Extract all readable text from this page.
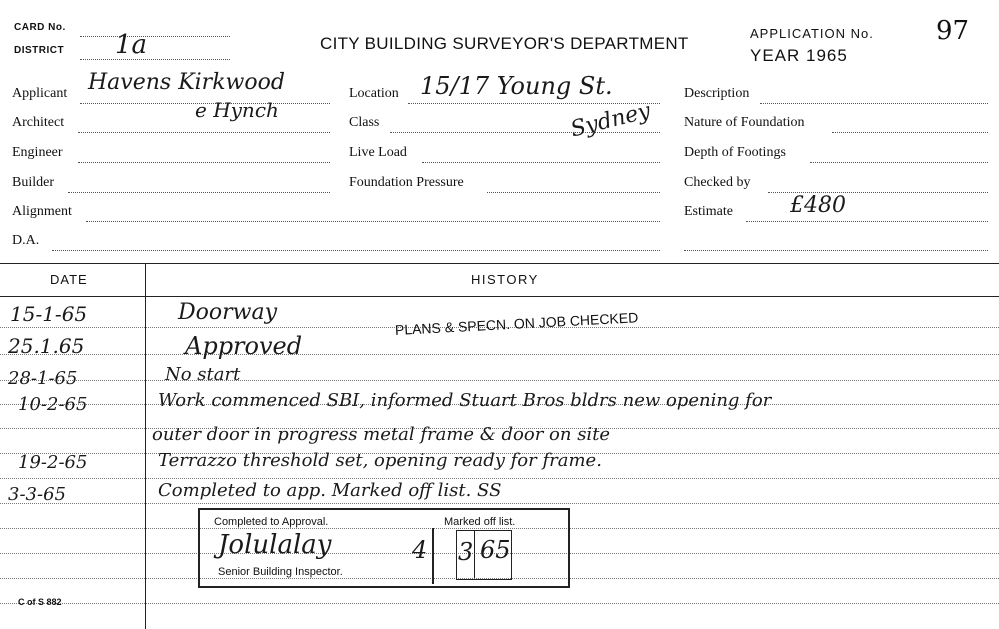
CARD No.
DISTRICT 1a	CITY BUILDING SURVEYOR'S DEPARTMENT
APPLICATION No. 97
YEAR 1965
Applicant Havens Kirkwood
e Hynch
Architect
Engineer
Builder
Alignment
D.A.
Location 15/17 Young St.
Sydney
Class
Live Load
Foundation Pressure
Description
Nature of Foundation
Depth of Footings
Checked by
Estimate	£480
DATE	HISTORY
15-1-65	Doorway
25.1.65	Approved
PLANS & SPECN. ON JOB CHECKED
28-1-65	No start
10-2-65	Work commenced SBI, informed Stuart Bros bldrs new opening for
outer door in progress metal frame & door on site
19-2-65	Terrazzo threshold set, opening ready for frame.
3-3-65	Completed to app. Marked off list. SS
Completed to Approval.	Marked off list.
Jolulalay	4 3 65
Senior Building Inspector.
C of S 882
